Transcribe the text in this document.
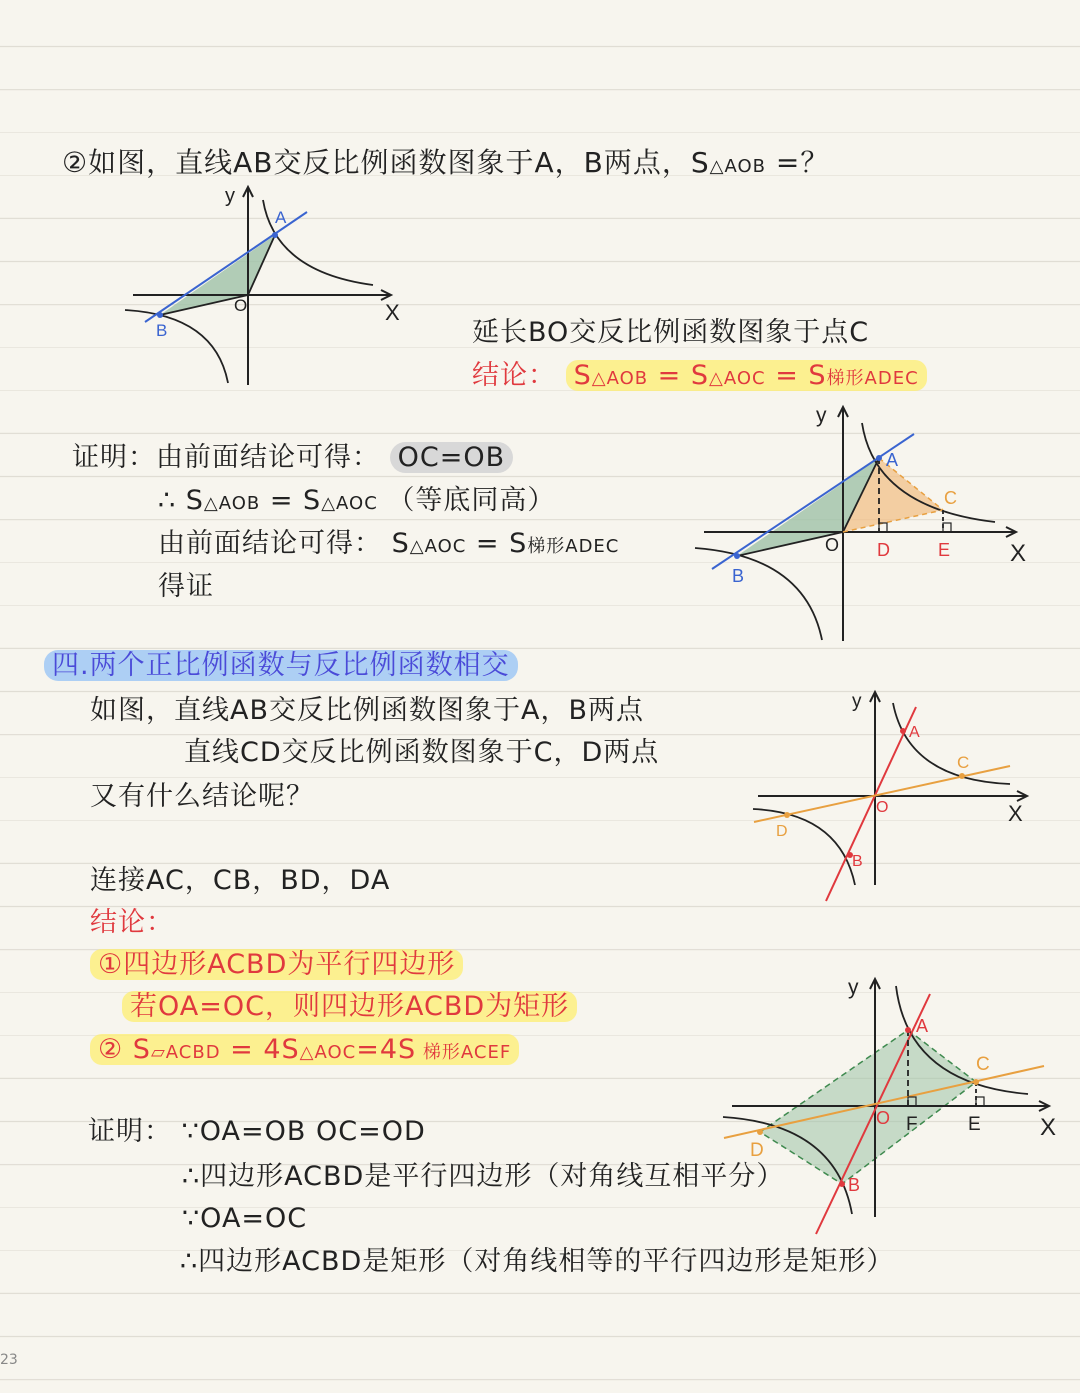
②如图，直线AB交反比例函数图象于A，B两点，S△AOB =？
y
X
O
A
B	延长BO交反比例函数图象于点C
结论： S△AOB = S△AOC = S梯形ADEC
证明：由前面结论可得： OC=OB
∴ S△AOB = S△AOC （等底同高）
由前面结论可得： S△AOC = S梯形ADEC
得证
y
X
O
A
B
C
D	E
四.两个正比例函数与反比例函数相交
如图，直线AB交反比例函数图象于A，B两点
直线CD交反比例函数图象于C，D两点
又有什么结论呢？
y
X
O
A
B
C
D
连接AC，CB，BD，DA
结论：
①四边形ACBD为平行四边形
若OA=OC，则四边形ACBD为矩形
② S▱ACBD = 4S△AOC=4S 梯形ACEF
y
X
O
A
B
C
D
F	E
证明： ∵OA=OB OC=OD
∴四边形ACBD是平行四边形（对角线互相平分）
∵OA=OC
∴四边形ACBD是矩形（对角线相等的平行四边形是矩形）
23
